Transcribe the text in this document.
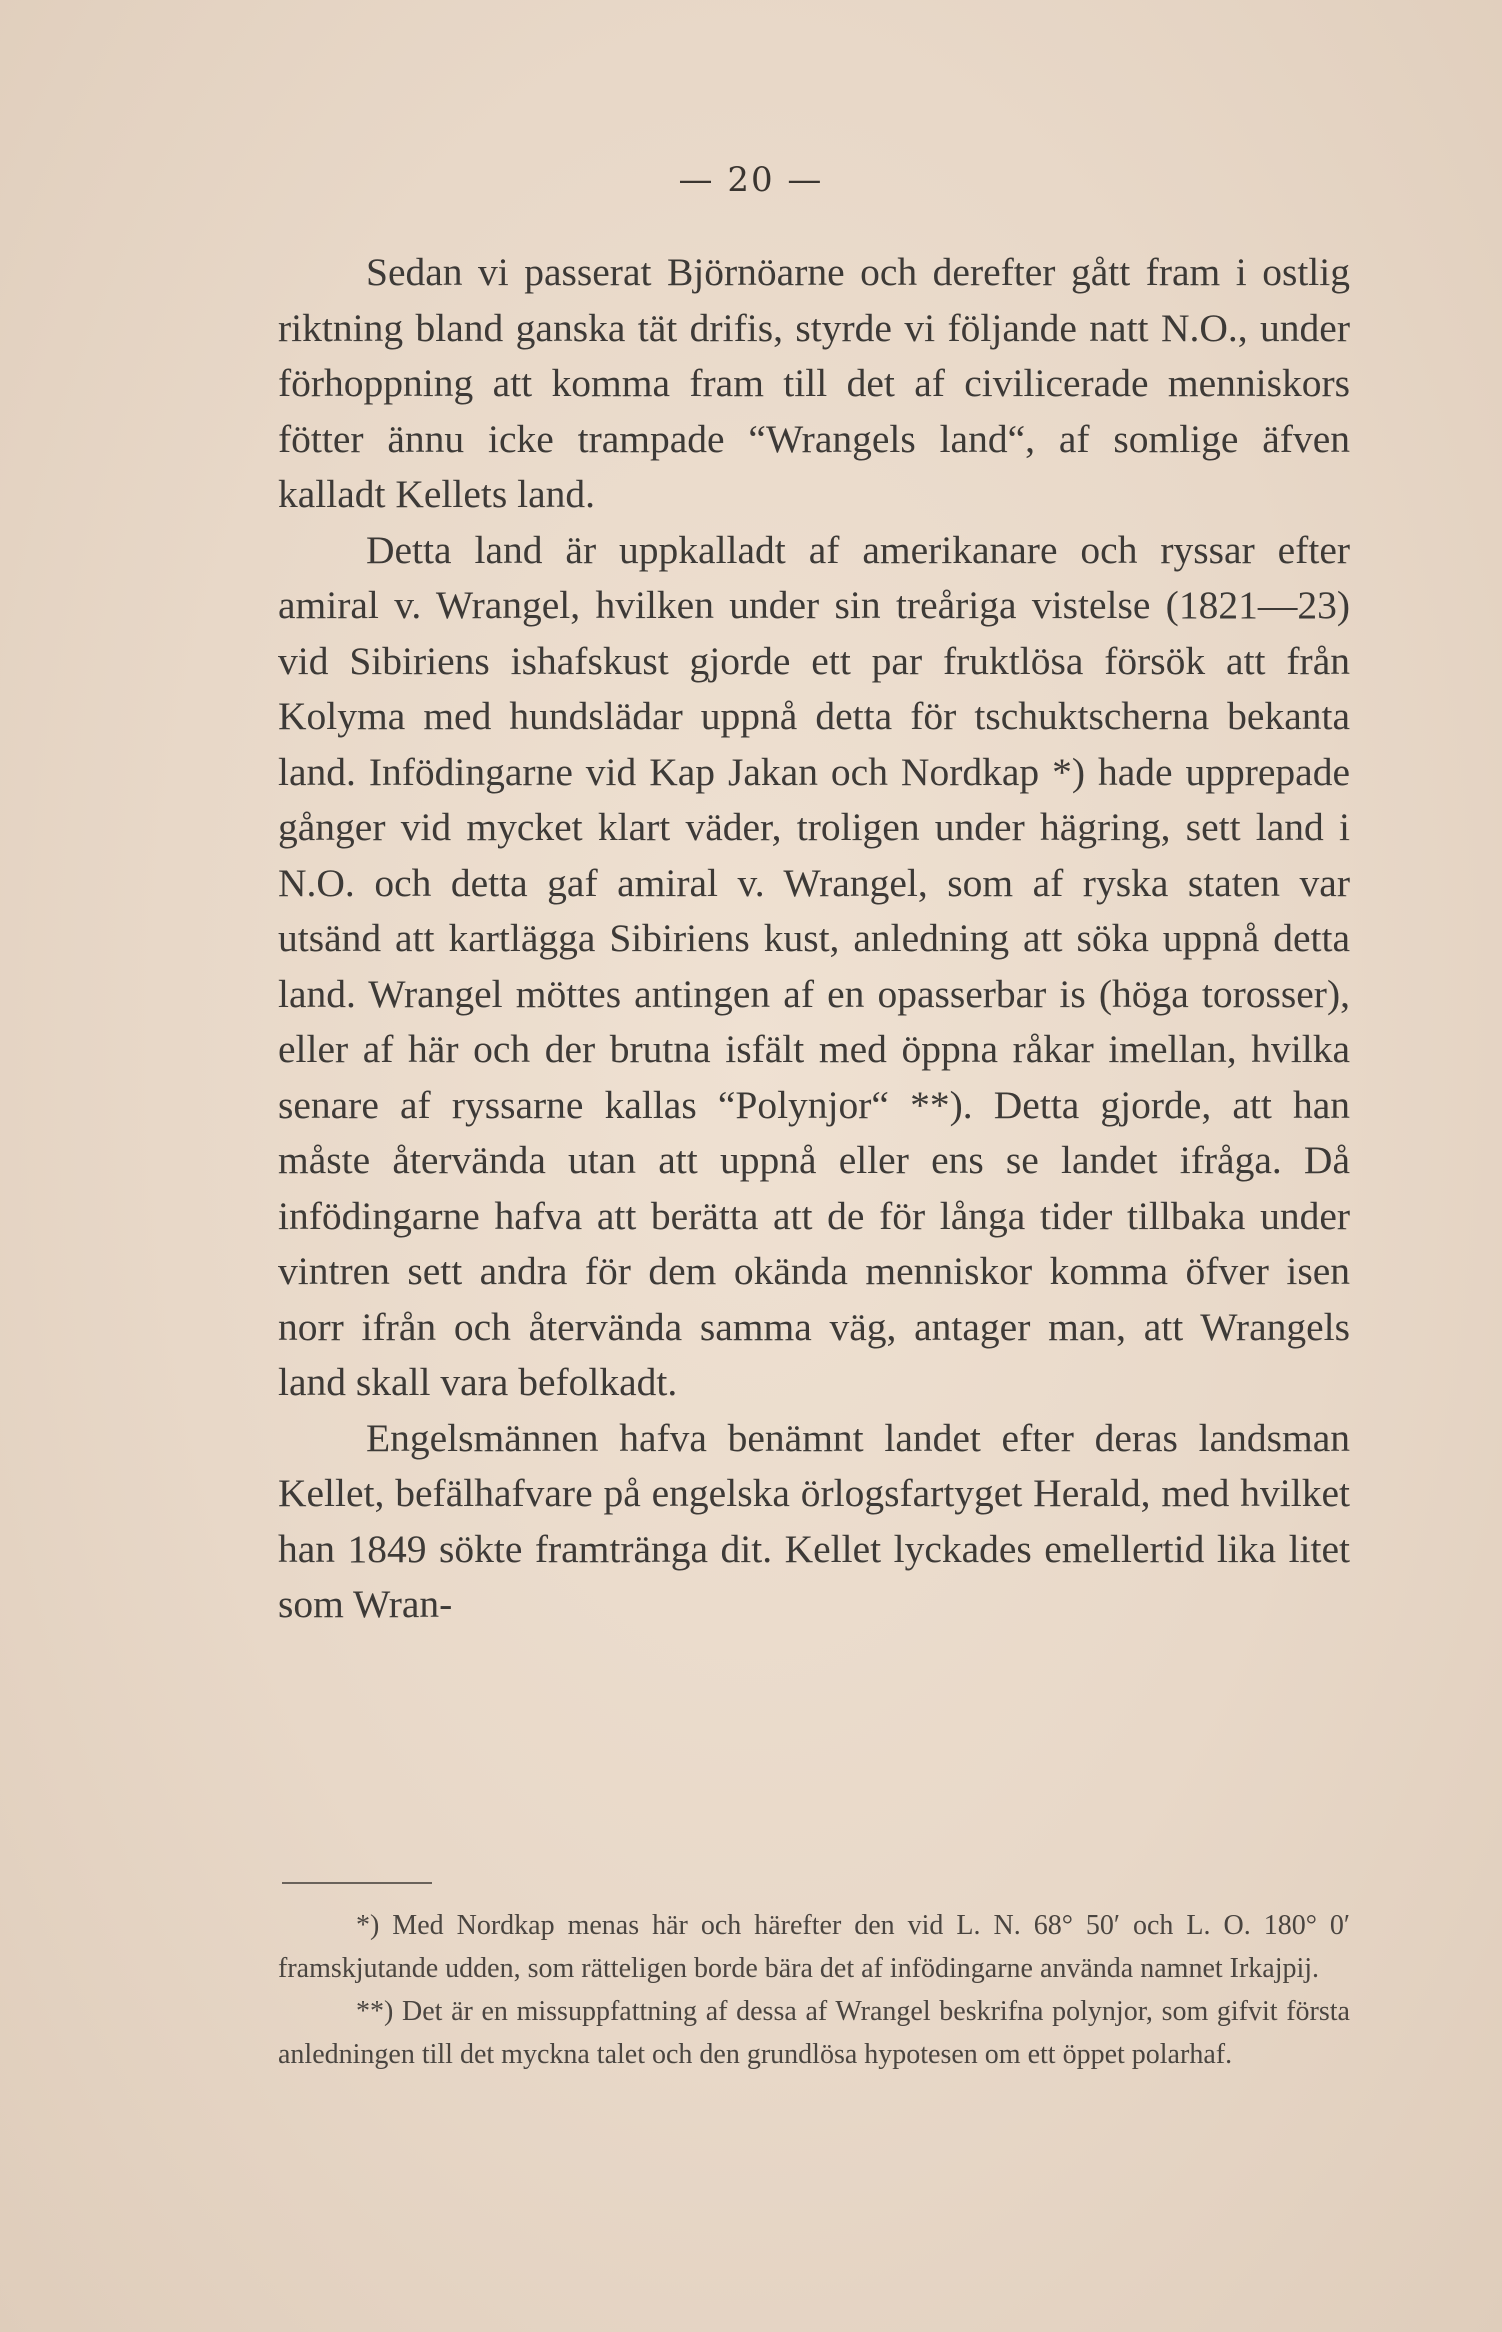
— 20 —

Sedan vi passerat Björnöarne och derefter gått fram i ostlig riktning bland ganska tät drifis, styrde vi följande natt N.O., under förhoppning att komma fram till det af civilicerade menniskors fötter ännu icke trampade “Wrangels land“, af somlige äfven kalladt Kellets land.

Detta land är uppkalladt af amerikanare och ryssar efter amiral v. Wrangel, hvilken under sin treåriga vistelse (1821—23) vid Sibiriens ishafskust gjorde ett par fruktlösa försök att från Kolyma med hundslädar uppnå detta för tschuktscherna bekanta land. Infödingarne vid Kap Jakan och Nordkap *) hade upprepade gånger vid mycket klart väder, troligen under hägring, sett land i N.O. och detta gaf amiral v. Wrangel, som af ryska staten var utsänd att kartlägga Sibiriens kust, anledning att söka uppnå detta land. Wrangel möttes antingen af en opasserbar is (höga torosser), eller af här och der brutna isfält med öppna råkar imellan, hvilka senare af ryssarne kallas “Polynjor“ **). Detta gjorde, att han måste återvända utan att uppnå eller ens se landet ifråga. Då infödingarne hafva att berätta att de för långa tider tillbaka under vintren sett andra för dem okända menniskor komma öfver isen norr ifrån och återvända samma väg, antager man, att Wrangels land skall vara befolkadt.

Engelsmännen hafva benämnt landet efter deras landsman Kellet, befälhafvare på engelska örlogsfartyget Herald, med hvilket han 1849 sökte framtränga dit. Kellet lyckades emellertid lika litet som Wran-

*) Med Nordkap menas här och härefter den vid L. N. 68° 50′ och L. O. 180° 0′ framskjutande udden, som rätteligen borde bära det af infödingarne använda namnet Irkajpij.

**) Det är en missuppfattning af dessa af Wrangel beskrifna polynjor, som gifvit första anledningen till det myckna talet och den grundlösa hypotesen om ett öppet polarhaf.
